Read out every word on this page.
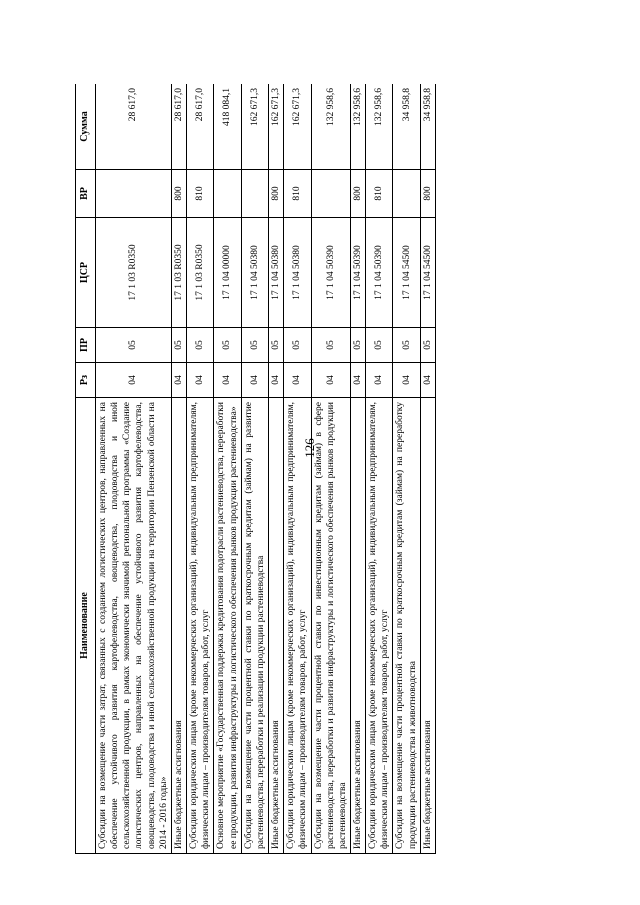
126
Наименование	Рз	ПР	ЦСР	ВР	Сумма
Субсидии на возмещение части затрат, связанных с созданием логистических центров, направленных на обеспечение устойчивого развития картофелеводства, овощеводства, плодоводства и иной сельскохозяйственной продукции, в рамках экономически значимой региональной программы «Создание логистических центров, направленных на обеспечение устойчивого развития картофелеводства, овощеводства, плодоводства и иной сельскохозяйственной продукции на территории Пензенской области на 2014 - 2016 годы»	04	05	17 1 03 R0350		28 617,0
Иные бюджетные ассигнования	04	05	17 1 03 R0350	800	28 617,0
Субсидии юридическим лицам (кроме некоммерческих организаций), индивидуальным предпринимателям, физическим лицам – производителям товаров, работ, услуг	04	05	17 1 03 R0350	810	28 617,0
Основное мероприятие «Государственная поддержка кредитования подотрасли растениеводства, переработки ее продукции, развития инфраструктуры и логистического обеспечения рынков продукции растениеводства»	04	05	17 1 04 00000		418 084,1
Субсидии на возмещение части процентной ставки по краткосрочным кредитам (займам) на развитие растениеводства, переработки и реализации продукции растениеводства	04	05	17 1 04 50380		162 671,3
Иные бюджетные ассигнования	04	05	17 1 04 50380	800	162 671,3
Субсидии юридическим лицам (кроме некоммерческих организаций), индивидуальным предпринимателям, физическим лицам – производителям товаров, работ, услуг	04	05	17 1 04 50380	810	162 671,3
Субсидии на возмещение части процентной ставки по инвестиционным кредитам (займам) в сфере растениеводства, переработки и развития инфраструктуры и логистического обеспечения рынков продукции растениеводства	04	05	17 1 04 50390		132 958,6
Иные бюджетные ассигнования	04	05	17 1 04 50390	800	132 958,6
Субсидии юридическим лицам (кроме некоммерческих организаций), индивидуальным предпринимателям, физическим лицам – производителям товаров, работ, услуг	04	05	17 1 04 50390	810	132 958,6
Субсидии на возмещение части процентной ставки по краткосрочным кредитам (займам) на переработку продукции растениеводства и животноводства	04	05	17 1 04 54500		34 958,8
Иные бюджетные ассигнования	04	05	17 1 04 54500	800	34 958,8
